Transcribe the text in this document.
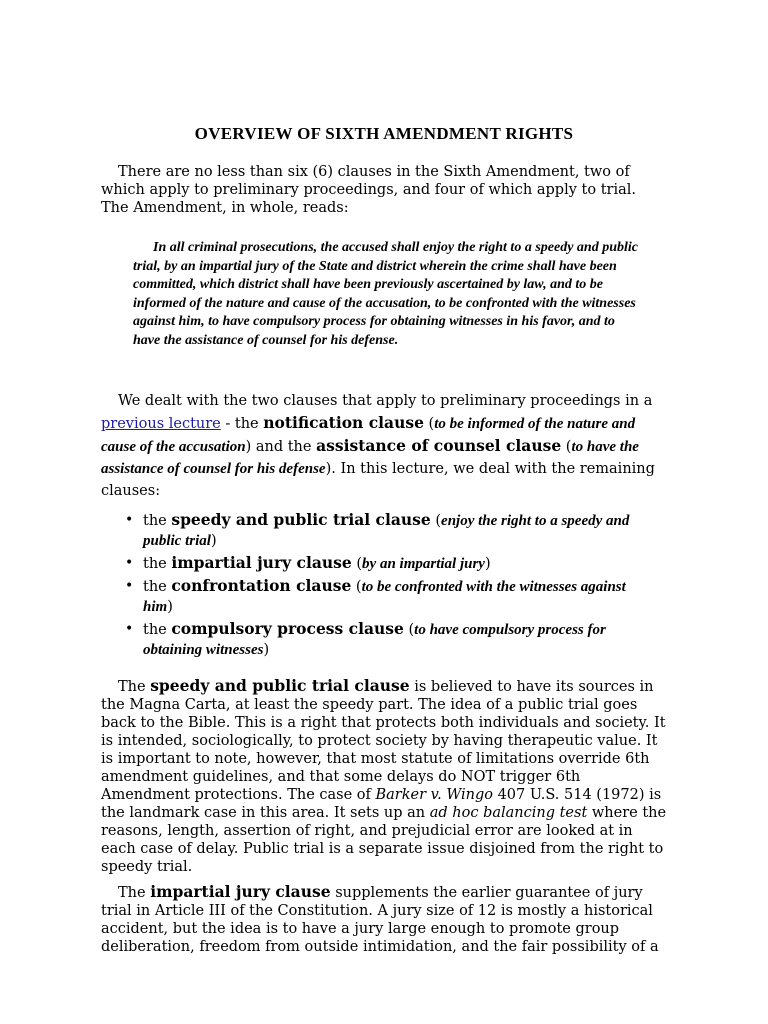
OVERVIEW OF SIXTH AMENDMENT RIGHTS
There are no less than six (6) clauses in the Sixth Amendment, two of which apply to preliminary proceedings, and four of which apply to trial. The Amendment, in whole, reads:
In all criminal prosecutions, the accused shall enjoy the right to a speedy and public trial, by an impartial jury of the State and district wherein the crime shall have been committed, which district shall have been previously ascertained by law, and to be informed of the nature and cause of the accusation, to be confronted with the witnesses against him, to have compulsory process for obtaining witnesses in his favor, and to have the assistance of counsel for his defense.
We dealt with the two clauses that apply to preliminary proceedings in a previous lecture - the notification clause (to be informed of the nature and cause of the accusation) and the assistance of counsel clause (to have the assistance of counsel for his defense). In this lecture, we deal with the remaining clauses:
• the speedy and public trial clause (enjoy the right to a speedy and public trial)
• the impartial jury clause (by an impartial jury)
• the confrontation clause (to be confronted with the witnesses against him)
• the compulsory process clause (to have compulsory process for obtaining witnesses)
The speedy and public trial clause is believed to have its sources in the Magna Carta, at least the speedy part. The idea of a public trial goes back to the Bible. This is a right that protects both individuals and society. It is intended, sociologically, to protect society by having therapeutic value. It is important to note, however, that most statute of limitations override 6th amendment guidelines, and that some delays do NOT trigger 6th Amendment protections. The case of Barker v. Wingo 407 U.S. 514 (1972) is the landmark case in this area. It sets up an ad hoc balancing test where the reasons, length, assertion of right, and prejudicial error are looked at in each case of delay. Public trial is a separate issue disjoined from the right to speedy trial.
The impartial jury clause supplements the earlier guarantee of jury trial in Article III of the Constitution. A jury size of 12 is mostly a historical accident, but the idea is to have a jury large enough to promote group deliberation, freedom from outside intimidation, and the fair possibility of a
